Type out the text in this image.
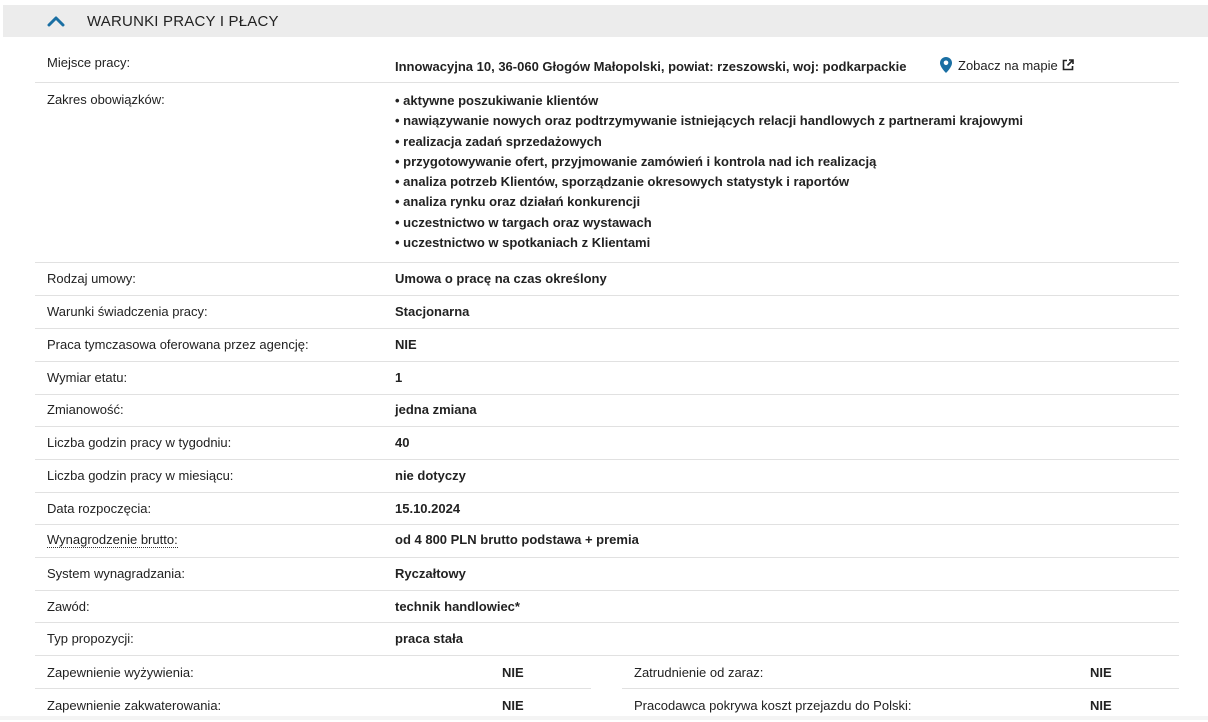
WARUNKI PRACY I PŁACY
Miejsce pracy:	Innowacyjna 10, 36-060 Głogów Małopolski, powiat: rzeszowski, woj: podkarpackie	Zobacz na mapie
Zakres obowiązków:	• aktywne poszukiwanie klientów
• nawiązywanie nowych oraz podtrzymywanie istniejących relacji handlowych z partnerami krajowymi
• realizacja zadań sprzedażowych
• przygotowywanie ofert, przyjmowanie zamówień i kontrola nad ich realizacją
• analiza potrzeb Klientów, sporządzanie okresowych statystyk i raportów
• analiza rynku oraz działań konkurencji
• uczestnictwo w targach oraz wystawach
• uczestnictwo w spotkaniach z Klientami
Rodzaj umowy:	Umowa o pracę na czas określony
Warunki świadczenia pracy:	Stacjonarna
Praca tymczasowa oferowana przez agencję:	NIE
Wymiar etatu:	1
Zmianowość:	jedna zmiana
Liczba godzin pracy w tygodniu:	40
Liczba godzin pracy w miesiącu:	nie dotyczy
Data rozpoczęcia:	15.10.2024
Wynagrodzenie brutto:	od 4 800 PLN brutto podstawa + premia
System wynagradzania:	Ryczałtowy
Zawód:	technik handlowiec*
Typ propozycji:	praca stała
Zapewnienie wyżywienia:	NIE	Zatrudnienie od zaraz:	NIE
Zapewnienie zakwaterowania:	NIE	Pracodawca pokrywa koszt przejazdu do Polski:	NIE
